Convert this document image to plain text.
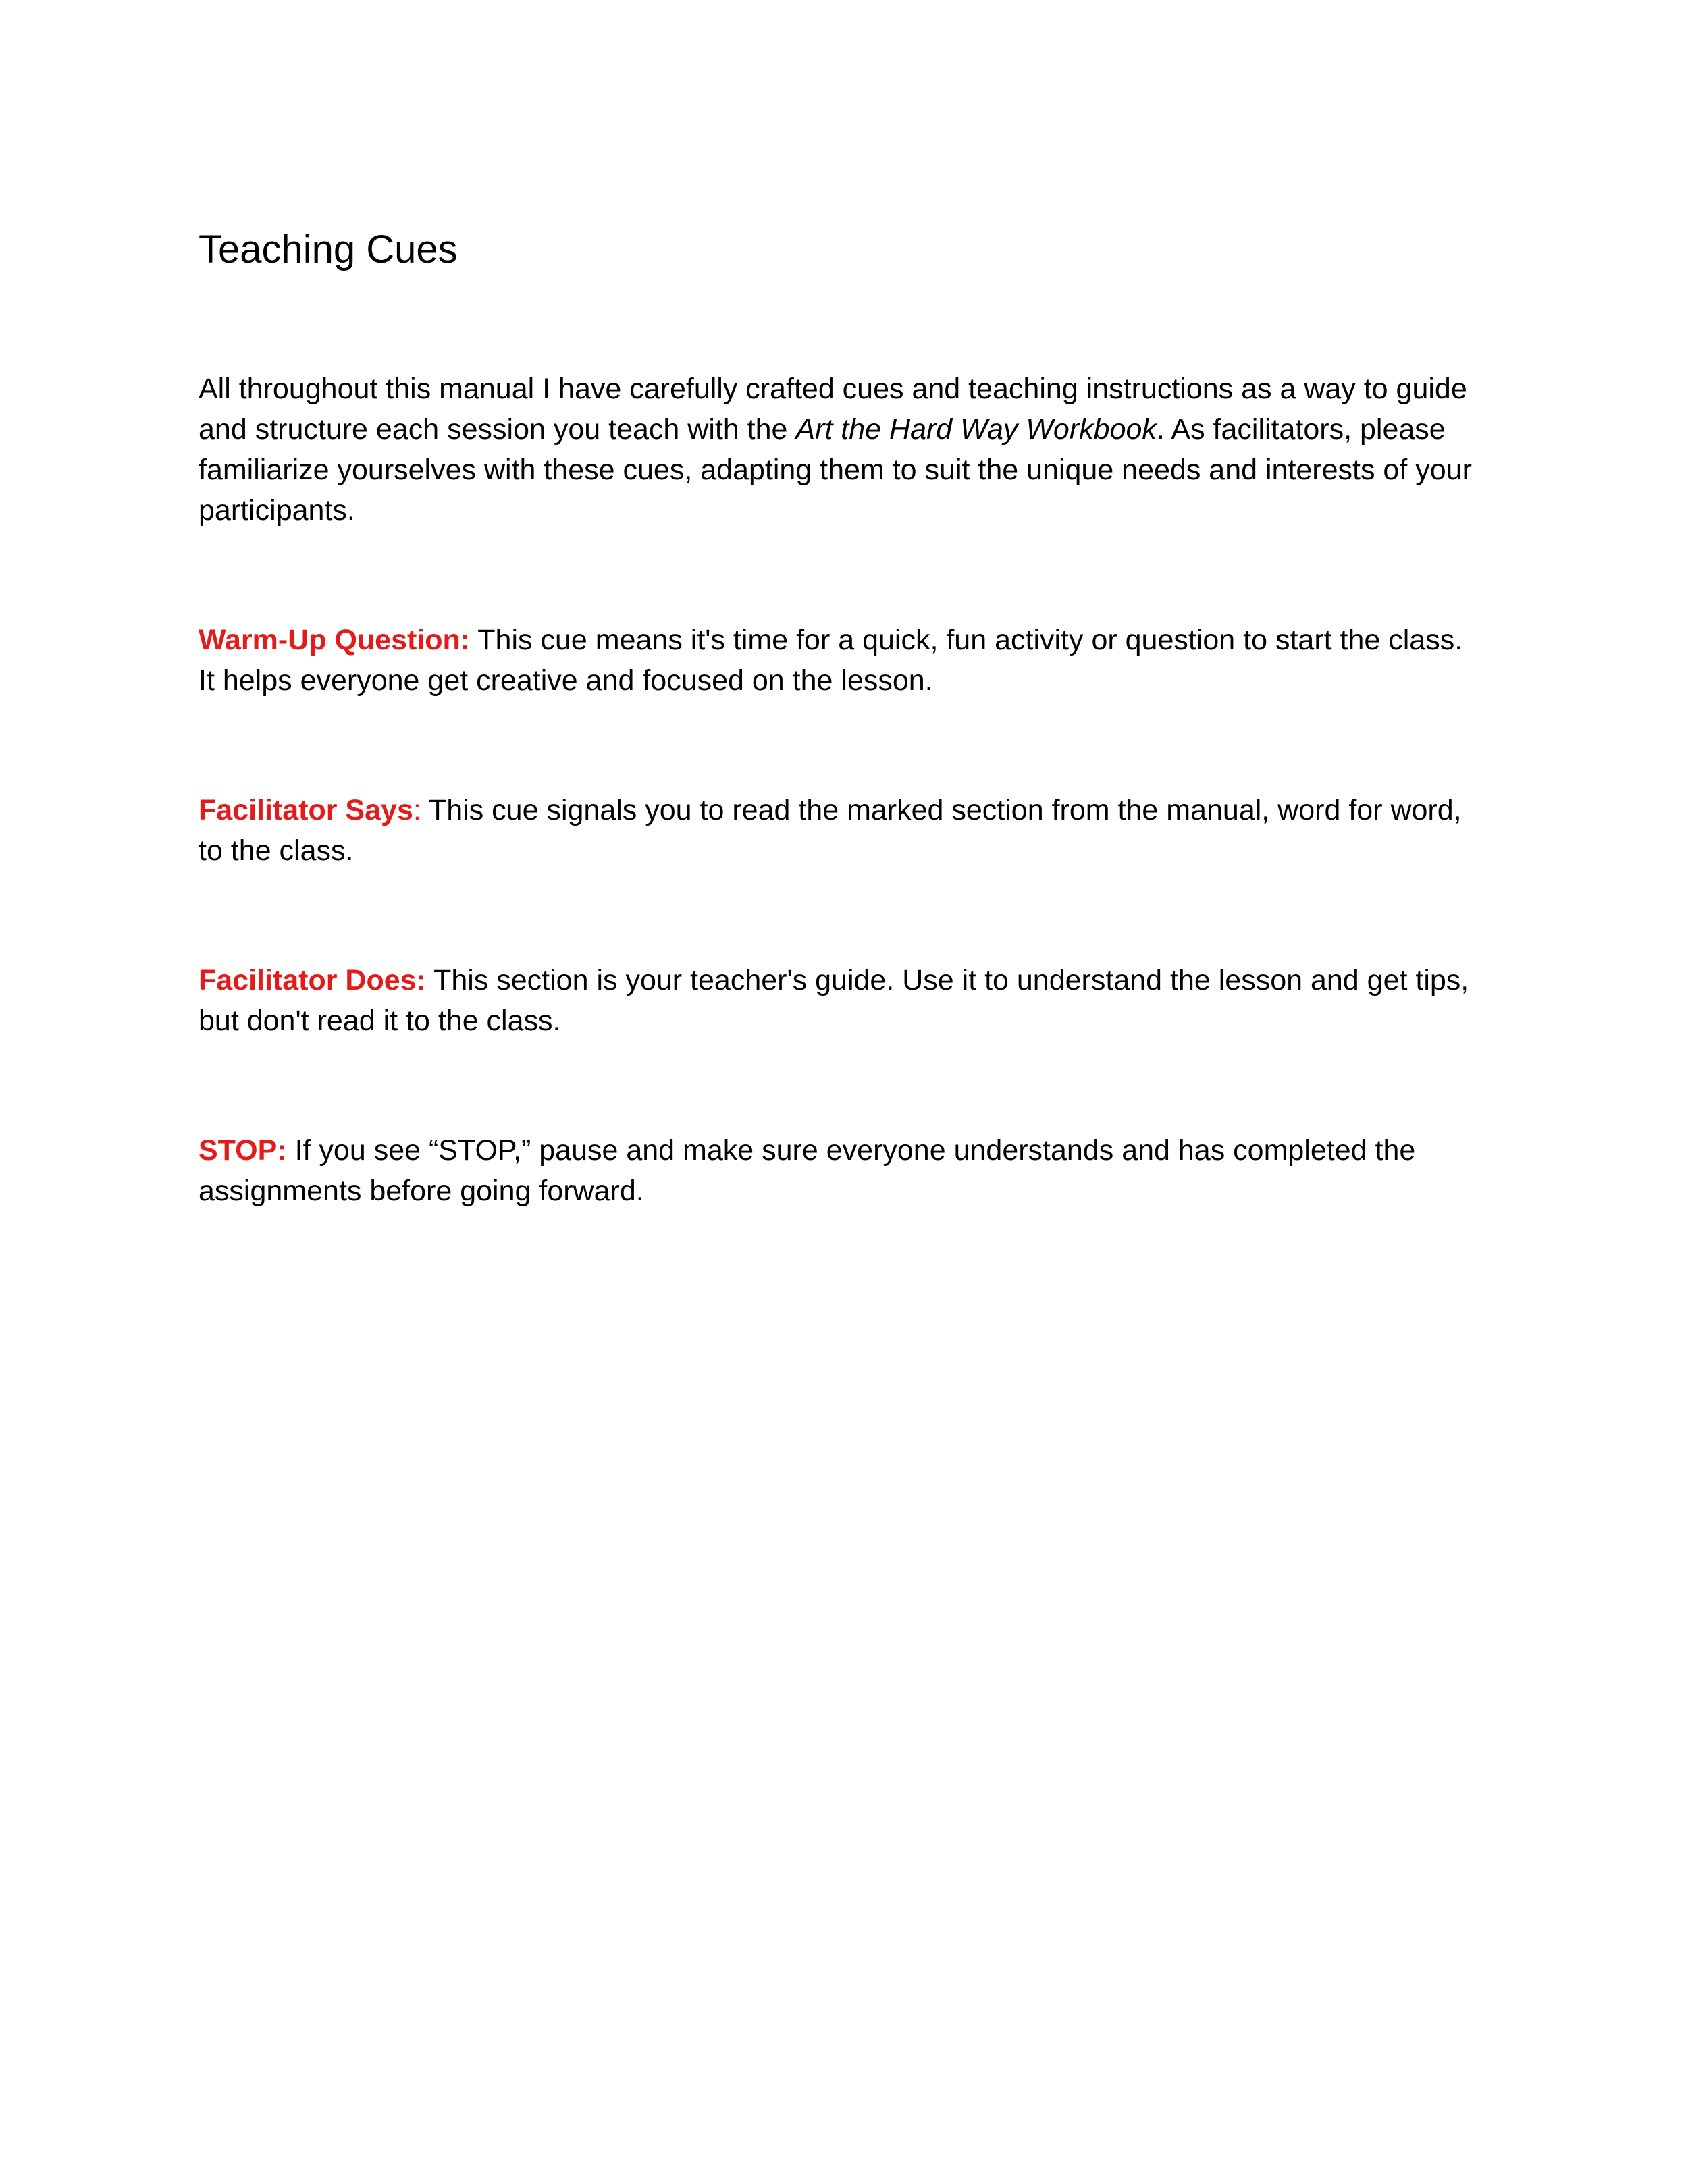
Teaching Cues

All throughout this manual I have carefully crafted cues and teaching instructions as a way to guide and structure each session you teach with the Art the Hard Way Workbook. As facilitators, please familiarize yourselves with these cues, adapting them to suit the unique needs and interests of your participants.

Warm-Up Question: This cue means it's time for a quick, fun activity or question to start the class. It helps everyone get creative and focused on the lesson.

Facilitator Says: This cue signals you to read the marked section from the manual, word for word, to the class.

Facilitator Does: This section is your teacher's guide. Use it to understand the lesson and get tips, but don't read it to the class.

STOP: If you see “STOP,” pause and make sure everyone understands and has completed the assignments before going forward.
